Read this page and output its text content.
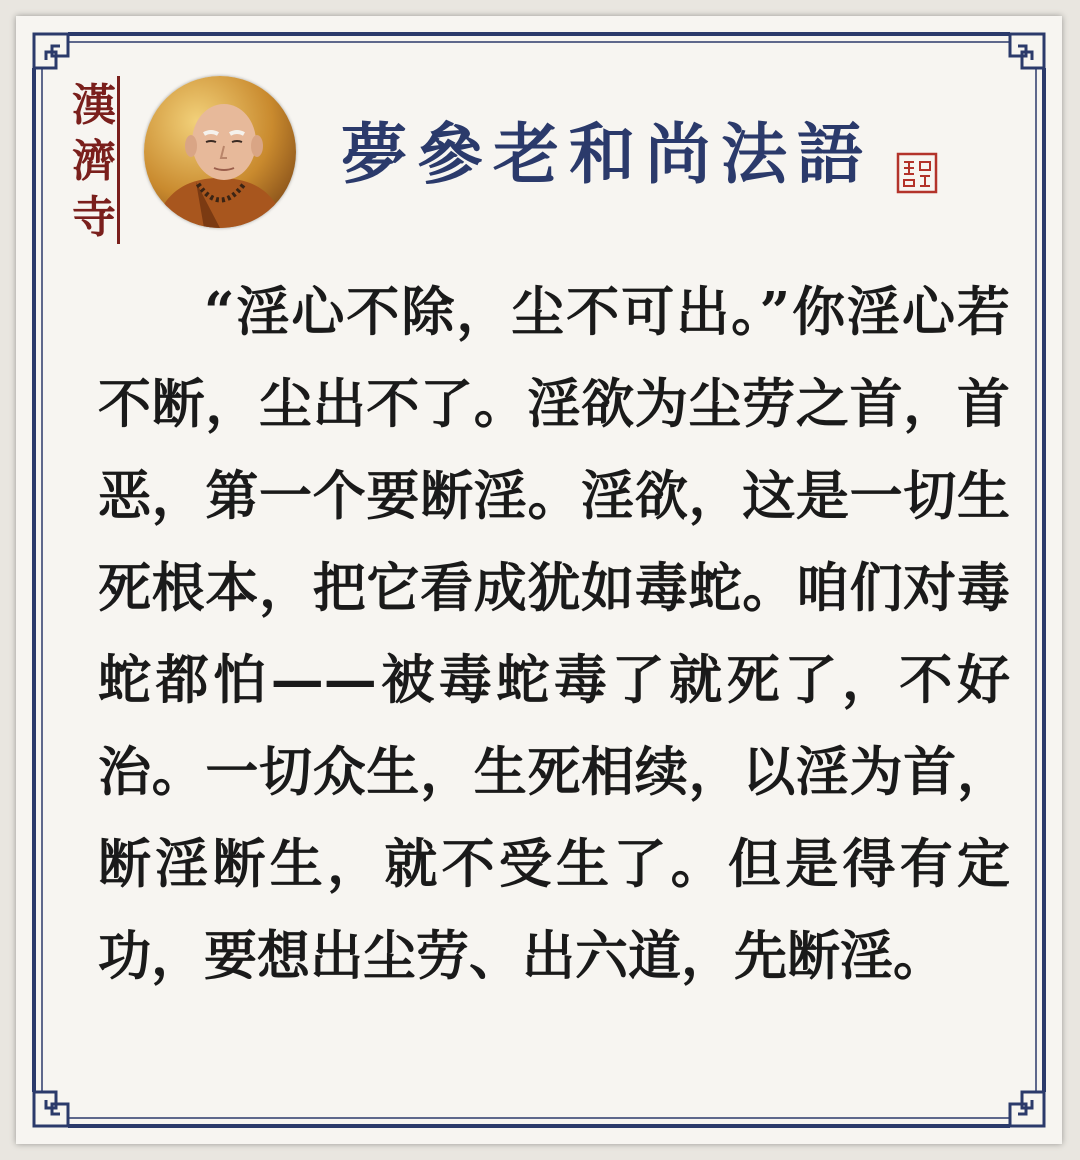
漢
濟
寺
夢參老和尚法語
“淫心不除，尘不可出。”你淫心若不断，尘出不了。淫欲为尘劳之首，首恶，第一个要断淫。淫欲，这是一切生死根本，把它看成犹如毒蛇。咱们对毒蛇都怕——被毒蛇毒了就死了，不好治。一切众生，生死相续，以淫为首，断淫断生，就不受生了。但是得有定功，要想出尘劳、出六道，先断淫。
